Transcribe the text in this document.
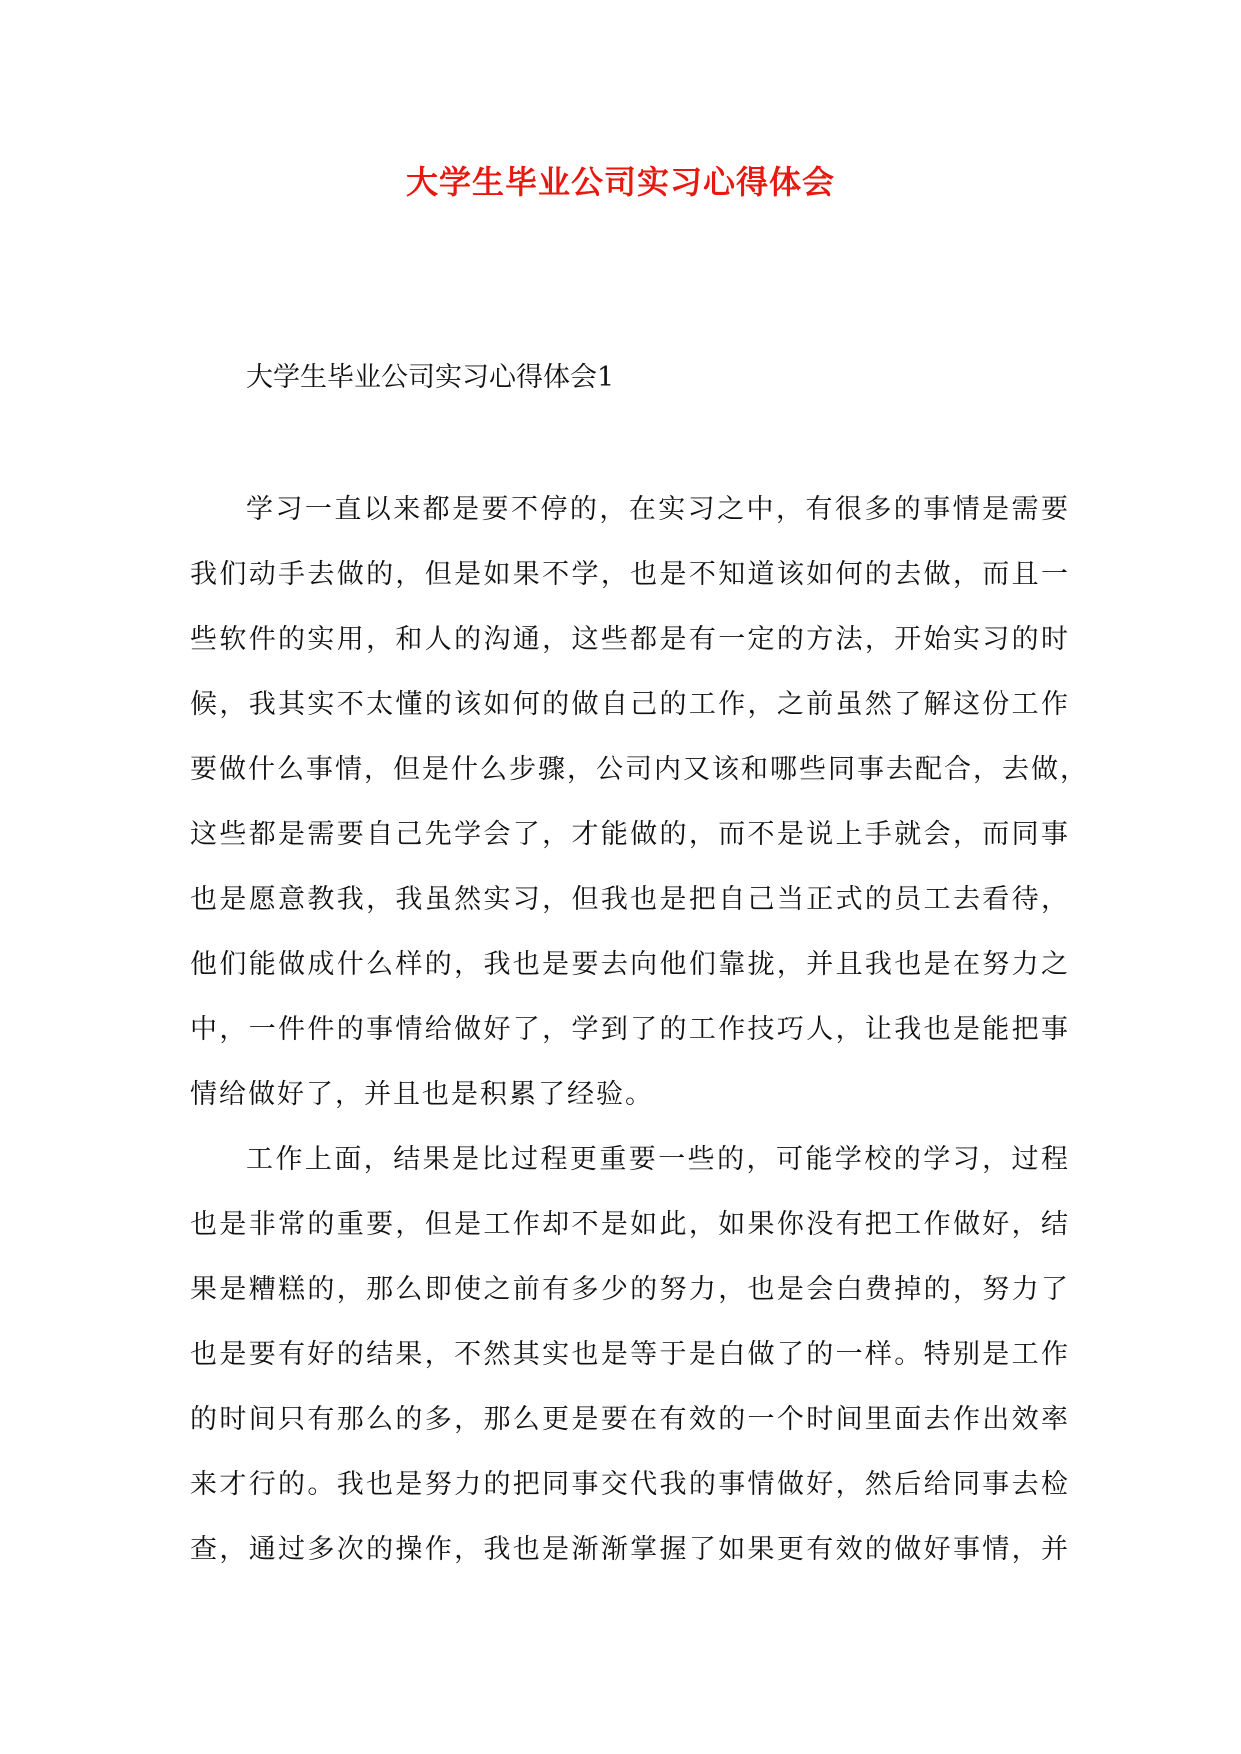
大学生毕业公司实习心得体会

大学生毕业公司实习心得体会1

学习一直以来都是要不停的，在实习之中，有很多的事情是需要
我们动手去做的，但是如果不学，也是不知道该如何的去做，而且一
些软件的实用，和人的沟通，这些都是有一定的方法，开始实习的时
候，我其实不太懂的该如何的做自己的工作，之前虽然了解这份工作
要做什么事情，但是什么步骤，公司内又该和哪些同事去配合，去做，
这些都是需要自己先学会了，才能做的，而不是说上手就会，而同事
也是愿意教我，我虽然实习，但我也是把自己当正式的员工去看待，
他们能做成什么样的，我也是要去向他们靠拢，并且我也是在努力之
中，一件件的事情给做好了，学到了的工作技巧人，让我也是能把事
情给做好了，并且也是积累了经验。
工作上面，结果是比过程更重要一些的，可能学校的学习，过程
也是非常的重要，但是工作却不是如此，如果你没有把工作做好，结
果是糟糕的，那么即使之前有多少的努力，也是会白费掉的，努力了
也是要有好的结果，不然其实也是等于是白做了的一样。特别是工作
的时间只有那么的多，那么更是要在有效的一个时间里面去作出效率
来才行的。我也是努力的把同事交代我的事情做好，然后给同事去检
查，通过多次的操作，我也是渐渐掌握了如果更有效的做好事情，并
